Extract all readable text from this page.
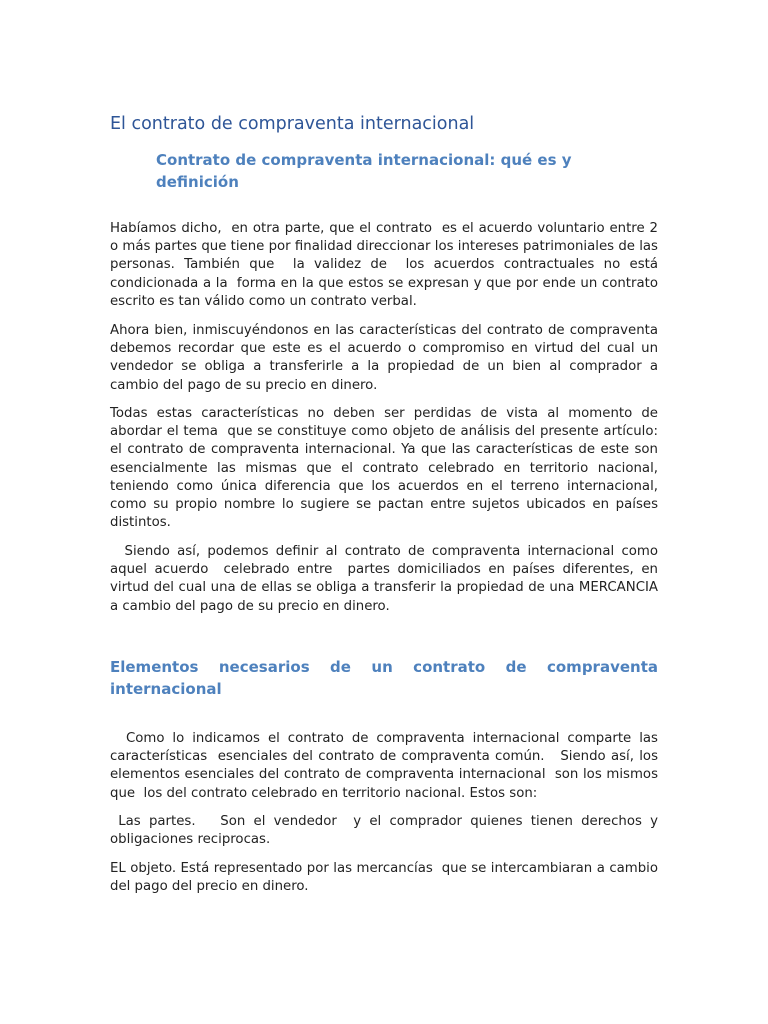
El contrato de compraventa internacional
Contrato de compraventa internacional: qué es y definición

Habíamos dicho,  en otra parte, que el contrato  es el acuerdo voluntario entre 2 o más partes que tiene por finalidad direccionar los intereses patrimoniales de las personas. También que  la validez de  los acuerdos contractuales no está condicionada a la  forma en la que estos se expresan y que por ende un contrato escrito es tan válido como un contrato verbal.

Ahora bien, inmiscuyéndonos en las características del contrato de compraventa debemos recordar que este es el acuerdo o compromiso en virtud del cual un vendedor se obliga a transferirle a la propiedad de un bien al comprador a cambio del pago de su precio en dinero.

Todas estas características no deben ser perdidas de vista al momento de abordar el tema  que se constituye como objeto de análisis del presente artículo: el contrato de compraventa internacional. Ya que las características de este son esencialmente las mismas que el contrato celebrado en territorio nacional, teniendo como única diferencia que los acuerdos en el terreno internacional, como su propio nombre lo sugiere se pactan entre sujetos ubicados en países distintos.

Siendo así, podemos definir al contrato de compraventa internacional como  aquel acuerdo  celebrado entre  partes domiciliados en países diferentes, en virtud del cual una de ellas se obliga a transferir la propiedad de una MERCANCIA  a cambio del pago de su precio en dinero.

Elementos necesarios de un contrato de compraventa internacional

Como lo indicamos el contrato de compraventa internacional comparte las características  esenciales del contrato de compraventa común.   Siendo así, los elementos esenciales del contrato de compraventa internacional  son los mismos que  los del contrato celebrado en territorio nacional. Estos son:

Las partes.   Son el vendedor  y el comprador quienes tienen derechos y obligaciones reciprocas.

EL objeto. Está representado por las mercancías  que se intercambiaran a cambio del pago del precio en dinero.
